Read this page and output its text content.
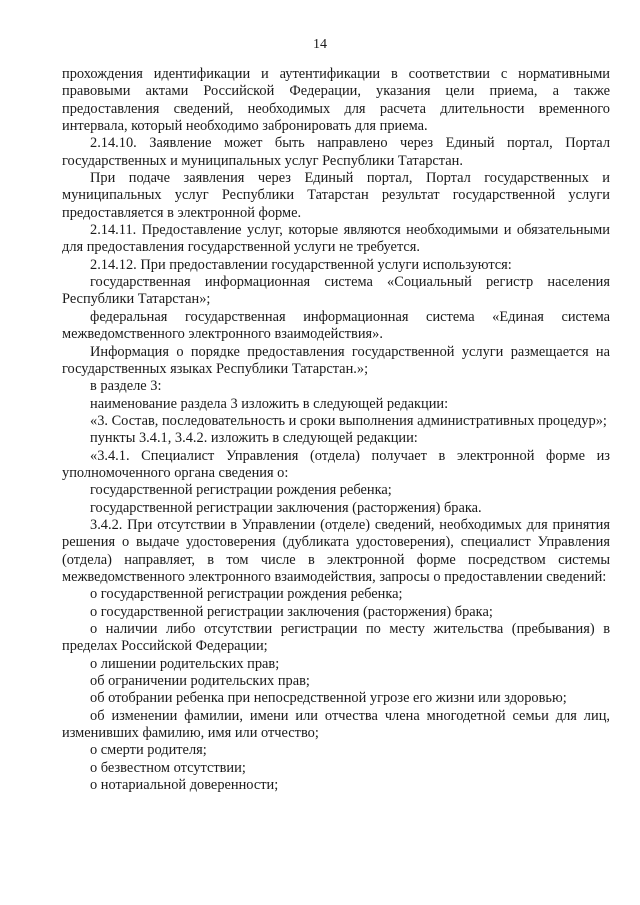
14

прохождения идентификации и аутентификации в соответствии с нормативными правовыми актами Российской Федерации, указания цели приема, а также предоставления сведений, необходимых для расчета длительности временного интервала, который необходимо забронировать для приема.

2.14.10. Заявление может быть направлено через Единый портал, Портал государственных и муниципальных услуг Республики Татарстан.

При подаче заявления через Единый портал, Портал государственных и муниципальных услуг Республики Татарстан результат государственной услуги предоставляется в электронной форме.

2.14.11. Предоставление услуг, которые являются необходимыми и обязательными для предоставления государственной услуги не требуется.

2.14.12. При предоставлении государственной услуги используются:

государственная информационная система «Социальный регистр населения Республики Татарстан»;

федеральная государственная информационная система «Единая система межведомственного электронного взаимодействия».

Информация о порядке предоставления государственной услуги размещается на государственных языках Республики Татарстан.»;

в разделе 3:

наименование раздела 3 изложить в следующей редакции:

«3. Состав, последовательность и сроки выполнения административных процедур»;

пункты 3.4.1, 3.4.2. изложить в следующей редакции:

«3.4.1. Специалист Управления (отдела) получает в электронной форме из уполномоченного органа сведения о:

государственной регистрации рождения ребенка;

государственной регистрации заключения (расторжения) брака.

3.4.2. При отсутствии в Управлении (отделе) сведений, необходимых для принятия решения о выдаче удостоверения (дубликата удостоверения), специалист Управления (отдела) направляет, в том числе в электронной форме посредством системы межведомственного электронного взаимодействия, запросы о предоставлении сведений:

о государственной регистрации рождения ребенка;

о государственной регистрации заключения (расторжения) брака;

о наличии либо отсутствии регистрации по месту жительства (пребывания) в пределах Российской Федерации;

о лишении родительских прав;

об ограничении родительских прав;

об отобрании ребенка при непосредственной угрозе его жизни или здоровью;

об изменении фамилии, имени или отчества члена многодетной семьи для лиц, изменивших фамилию, имя или отчество;

о смерти родителя;

о безвестном отсутствии;

о нотариальной доверенности;
